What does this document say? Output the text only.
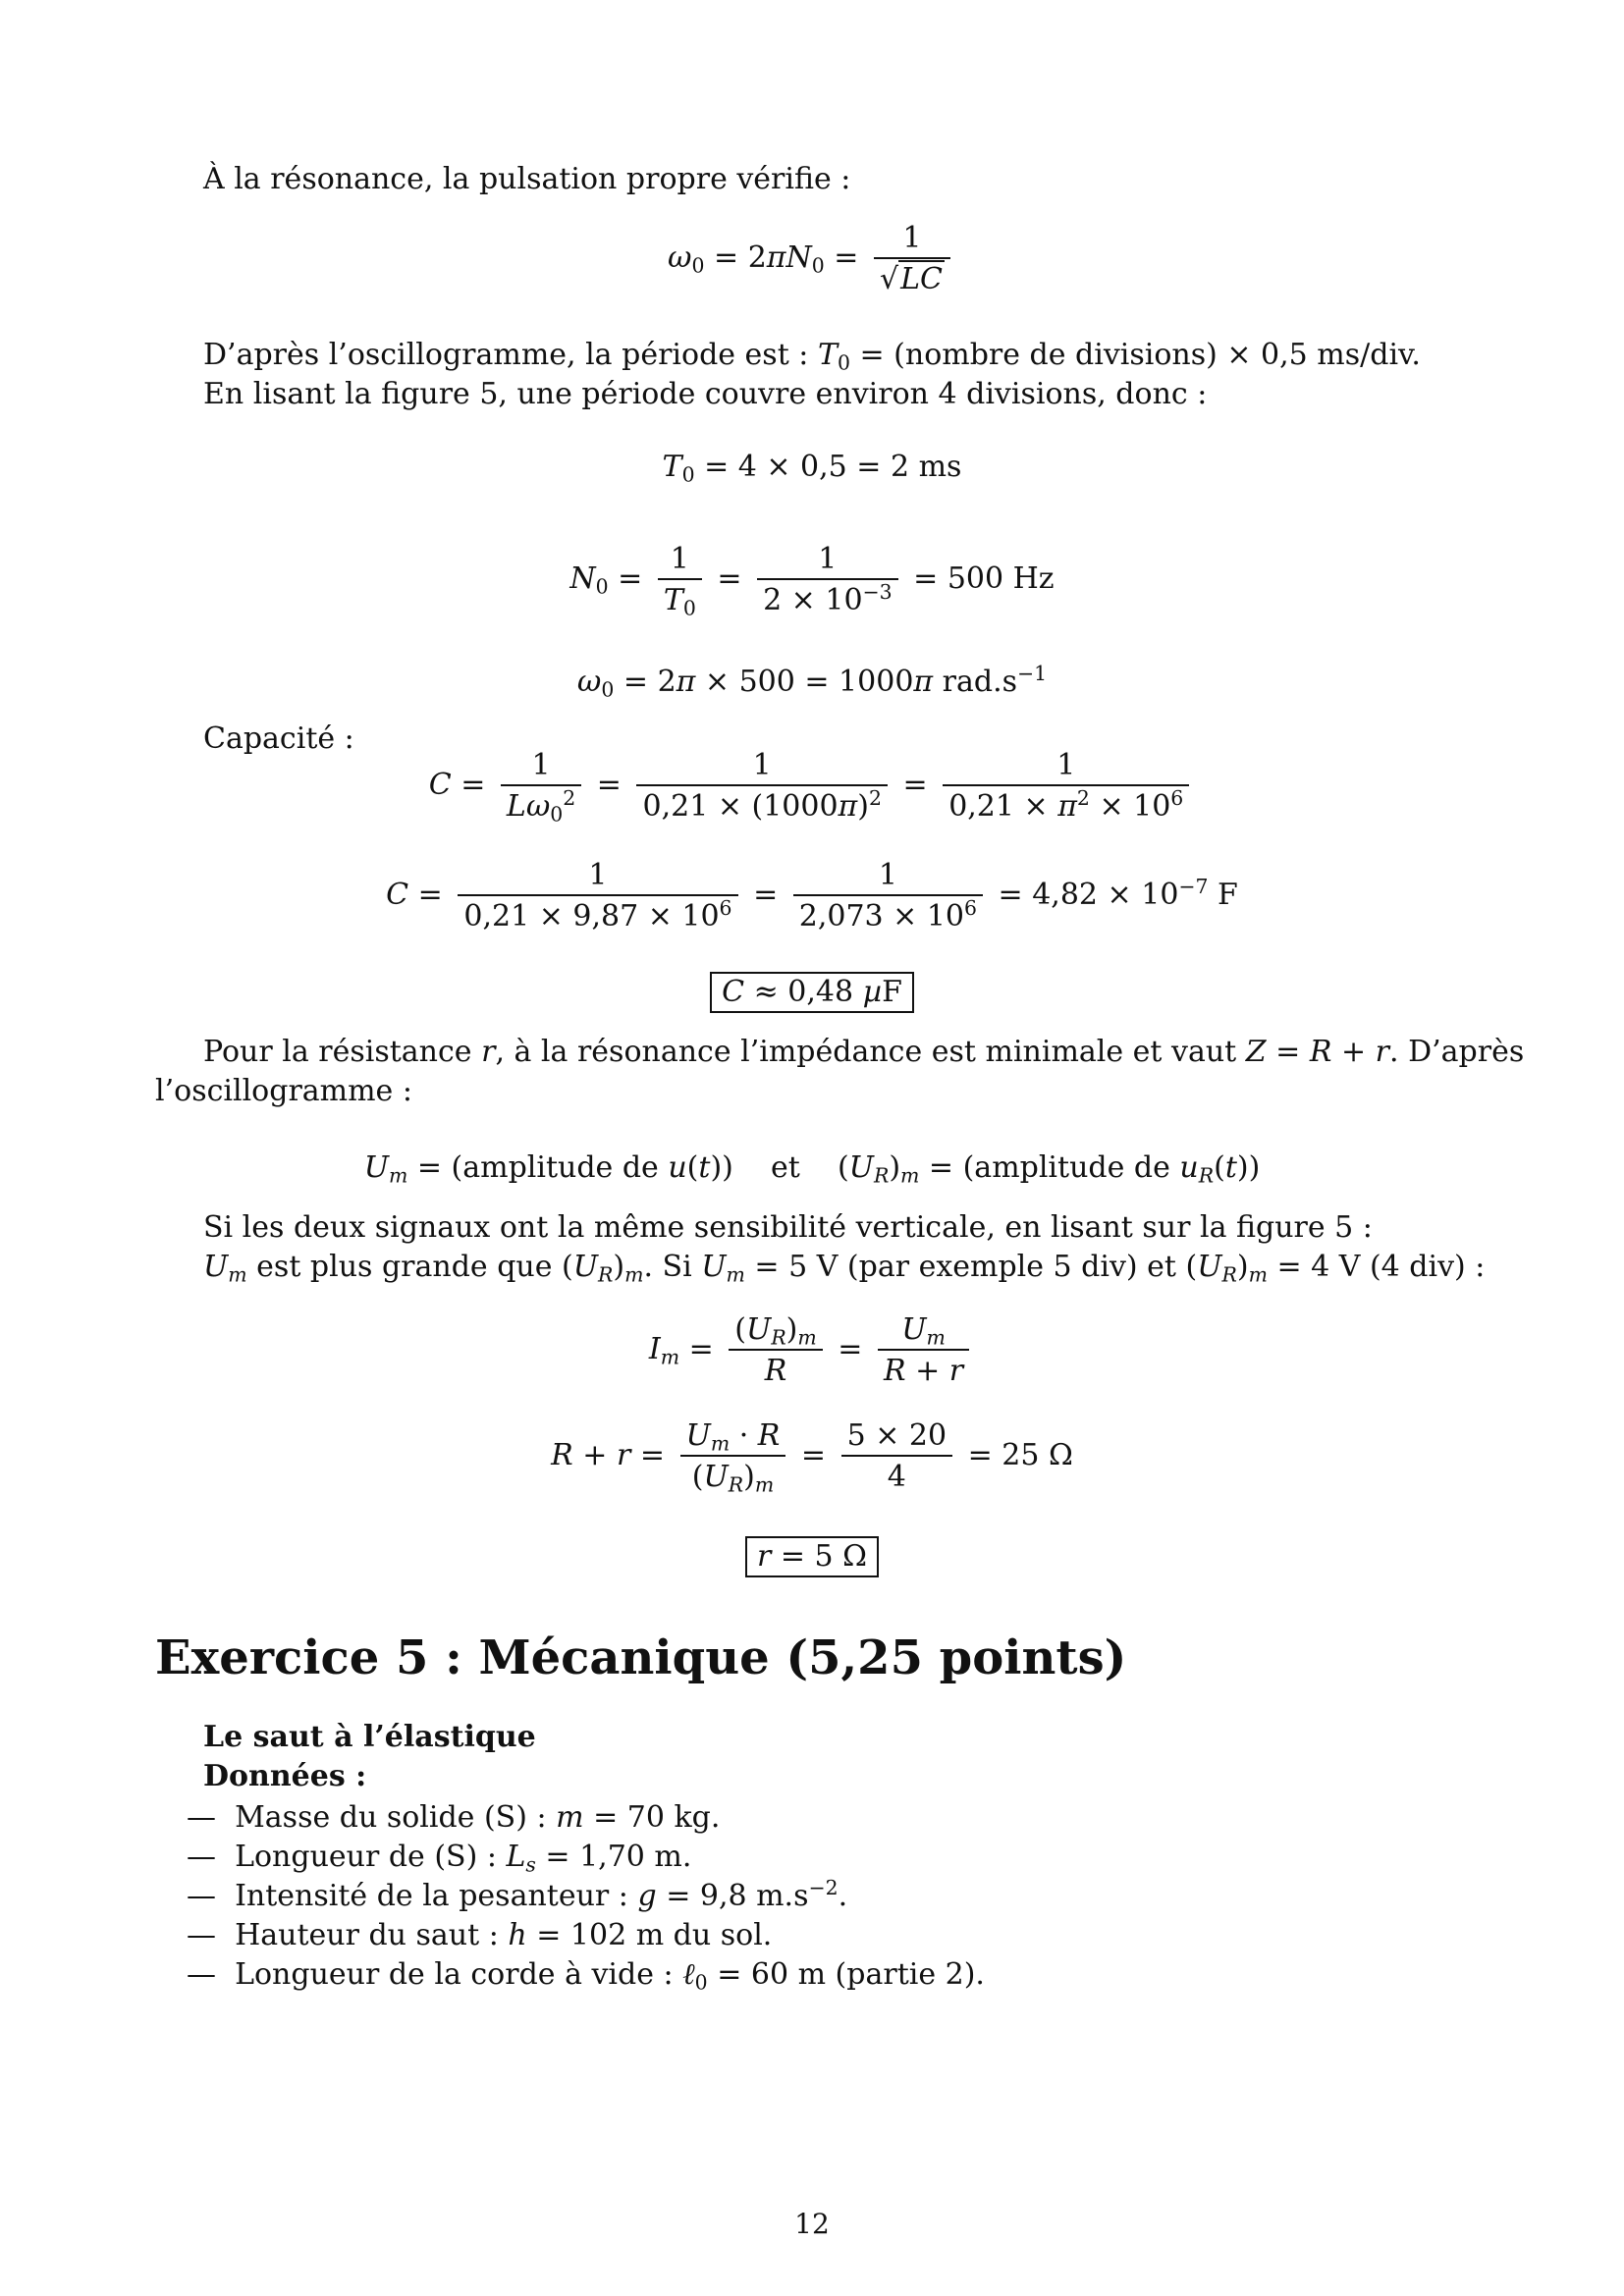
À la résonance, la pulsation propre vérifie :
$\omega_0 = 2\pi N_0 = \frac{1}{√LC}$
D’après l’oscillogramme, la période est : $T_0$ = (nombre de divisions) × 0,5 ms/div.
En lisant la figure 5, une période couvre environ 4 divisions, donc :
$T_0 = 4 \times 0,5 = 2$ ms
$N_0 = \frac{1}{T_0} = \frac{1}{2 \times 10^{-3}} = 500$ Hz
$\omega_0 = 2\pi \times 500 = 1000\pi$ $rad.s^{-1}$
Capacité :
$C = \frac{1}{L\omega_0^2} = \frac{1}{0,21 \times (1000\pi)^2} = \frac{1}{0,21 \times \pi^2 \times 10^6}$
$C = \frac{1}{0,21 \times 9,87 \times 10^6} = \frac{1}{2,073 \times 10^6} = 4,82 \times 10^{-7}$ F
C ≈ 0,48 µF
Pour la résistance r, à la résonance l’impédance est minimale et vaut Z = R + r. D’après
l’oscillogramme :
$U_m$ = (amplitude de u(t))    et    $(U_R)_m$ = (amplitude de $u_R(t)$)
Si les deux signaux ont la même sensibilité verticale, en lisant sur la figure 5 :
$U_m$ est plus grande que $(U_R)_m$. Si $U_m = 5$ V (par exemple 5 div) et $(U_R)_m = 4$ V (4 div) :
$I_m = \frac{(U_R)_m}{R} = \frac{U_m}{R + r}$
$R + r = \frac{U_m \cdot R}{(U_R)_m} = \frac{5 \times 20}{4} = 25$ Ω
r = 5 Ω
Exercice 5 : Mécanique (5,25 points)
Le saut à l’élastique
Données :
—  Masse du solide (S) : m = 70 kg.
—  Longueur de (S) : $L_s = 1,70$ m.
—  Intensité de la pesanteur : g = 9,8 $m.s^{-2}$.
—  Hauteur du saut : h = 102 m du sol.
—  Longueur de la corde à vide : ℓ$_0$ = 60 m (partie 2).
12
